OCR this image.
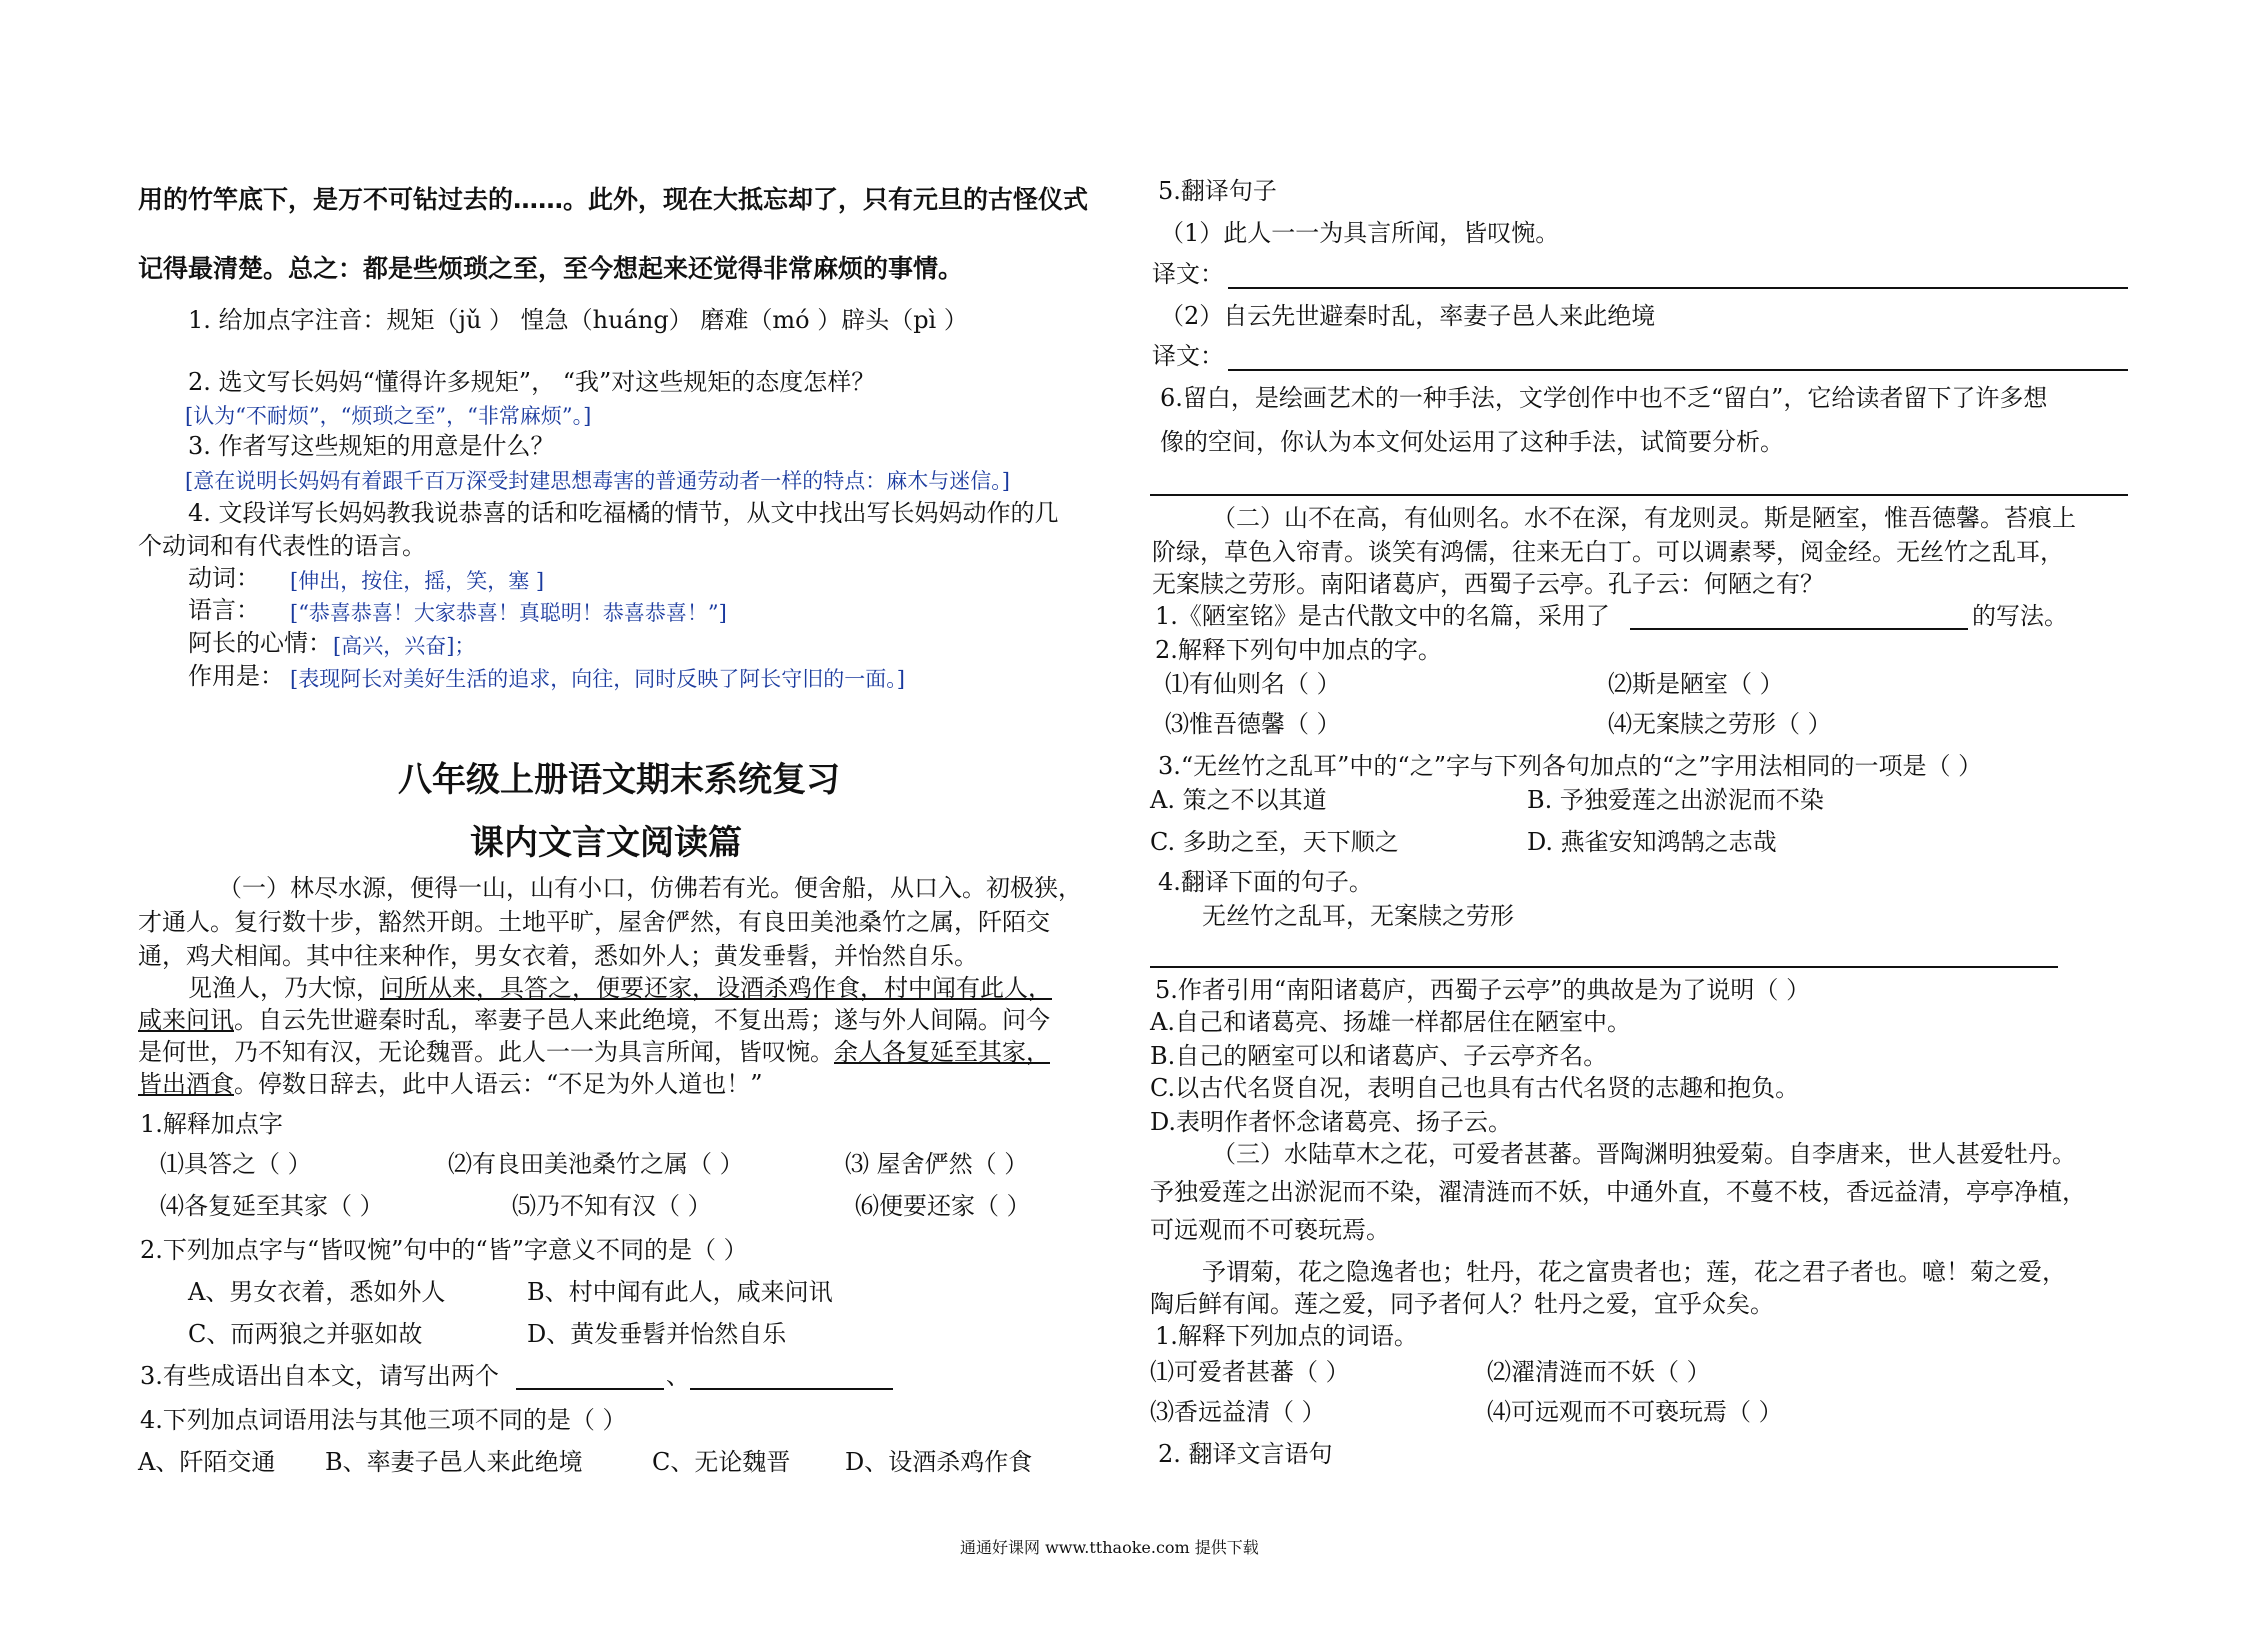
用的竹竿底下，是万不可钻过去的……。此外，现在大抵忘却了，只有元旦的古怪仪式
记得最清楚。总之：都是些烦琐之至，至今想起来还觉得非常麻烦的事情。
1. 给加点字注音：规矩（jǔ ） 惶急（huáng） 磨难（mó ）辟头（pì ）
2. 选文写长妈妈“懂得许多规矩”， “我”对这些规矩的态度怎样？
[认为“不耐烦”，“烦琐之至”，“非常麻烦”。]
3. 作者写这些规矩的用意是什么？
[意在说明长妈妈有着跟千百万深受封建思想毒害的普通劳动者一样的特点：麻木与迷信。]
4. 文段详写长妈妈教我说恭喜的话和吃福橘的情节，从文中找出写长妈妈动作的几
个动词和有代表性的语言。
动词： [伸出，按住，摇，笑，塞 ]
语言： [“恭喜恭喜！大家恭喜！真聪明！恭喜恭喜！”]
阿长的心情： [高兴，兴奋]；
作用是： [表现阿长对美好生活的追求，向往，同时反映了阿长守旧的一面。]
八年级上册语文期末系统复习
课内文言文阅读篇
（一）林尽水源，便得一山，山有小口，仿佛若有光。便舍船，从口入。初极狭，
才通人。复行数十步，豁然开朗。土地平旷，屋舍俨然，有良田美池桑竹之属，阡陌交
通，鸡犬相闻。其中往来种作，男女衣着，悉如外人；黄发垂髫，并怡然自乐。
见渔人，乃大惊，问所从来，具答之，便要还家，设酒杀鸡作食，村中闻有此人，
咸来问讯。自云先世避秦时乱，率妻子邑人来此绝境，不复出焉；遂与外人间隔。问今
是何世，乃不知有汉，无论魏晋。此人一一为具言所闻，皆叹惋。余人各复延至其家，
皆出酒食。停数日辞去，此中人语云：“不足为外人道也！”
1.解释加点字
⑴具答之（ ）	⑵有良田美池桑竹之属（ ）	⑶ 屋舍俨然（ ）
⑷各复延至其家（ ）	⑸乃不知有汉（ ）	⑹便要还家（ ）
2.下列加点字与“皆叹惋”句中的“皆”字意义不同的是（ ）
A、男女衣着，悉如外人	B、村中闻有此人，咸来问讯
C、而两狼之并驱如故	D、黄发垂髫并怡然自乐
3.有些成语出自本文，请写出两个	、
4.下列加点词语用法与其他三项不同的是（ ）
A、阡陌交通 B、率妻子邑人来此绝境	C、无论魏晋 D、设酒杀鸡作食
5.翻译句子
（1）此人一一为具言所闻，皆叹惋。
译文：
（2）自云先世避秦时乱，率妻子邑人来此绝境
译文：
6.留白，是绘画艺术的一种手法，文学创作中也不乏“留白”，它给读者留下了许多想
像的空间，你认为本文何处运用了这种手法，试简要分析。
（二）山不在高，有仙则名。水不在深，有龙则灵。斯是陋室，惟吾德馨。苔痕上
阶绿，草色入帘青。谈笑有鸿儒，往来无白丁。可以调素琴，阅金经。无丝竹之乱耳，
无案牍之劳形。南阳诸葛庐，西蜀子云亭。孔子云：何陋之有？
1.《陋室铭》是古代散文中的名篇，采用了	的写法。
2.解释下列句中加点的字。
⑴有仙则名（ ）	⑵斯是陋室（ ）
⑶惟吾德馨（ ）	⑷无案牍之劳形（ ）
3.“无丝竹之乱耳”中的“之”字与下列各句加点的“之”字用法相同的一项是（ ）
A. 策之不以其道	B. 予独爱莲之出淤泥而不染
C. 多助之至，天下顺之	D. 燕雀安知鸿鹄之志哉
4.翻译下面的句子。
无丝竹之乱耳，无案牍之劳形
5.作者引用“南阳诸葛庐，西蜀子云亭”的典故是为了说明（ ）
A.自己和诸葛亮、扬雄一样都居住在陋室中。
B.自己的陋室可以和诸葛庐、子云亭齐名。
C.以古代名贤自况，表明自己也具有古代名贤的志趣和抱负。
D.表明作者怀念诸葛亮、扬子云。
（三）水陆草木之花，可爱者甚蕃。晋陶渊明独爱菊。自李唐来，世人甚爱牡丹。
予独爱莲之出淤泥而不染，濯清涟而不妖，中通外直，不蔓不枝，香远益清，亭亭净植，
可远观而不可亵玩焉。
予谓菊，花之隐逸者也；牡丹，花之富贵者也；莲，花之君子者也。噫！菊之爱，
陶后鲜有闻。莲之爱，同予者何人？牡丹之爱，宜乎众矣。
1.解释下列加点的词语。
⑴可爱者甚蕃（ ）	⑵濯清涟而不妖（ ）
⑶香远益清（ ）	⑷可远观而不可亵玩焉（ ）
2. 翻译文言语句
通通好课网 www.tthaoke.com 提供下载
